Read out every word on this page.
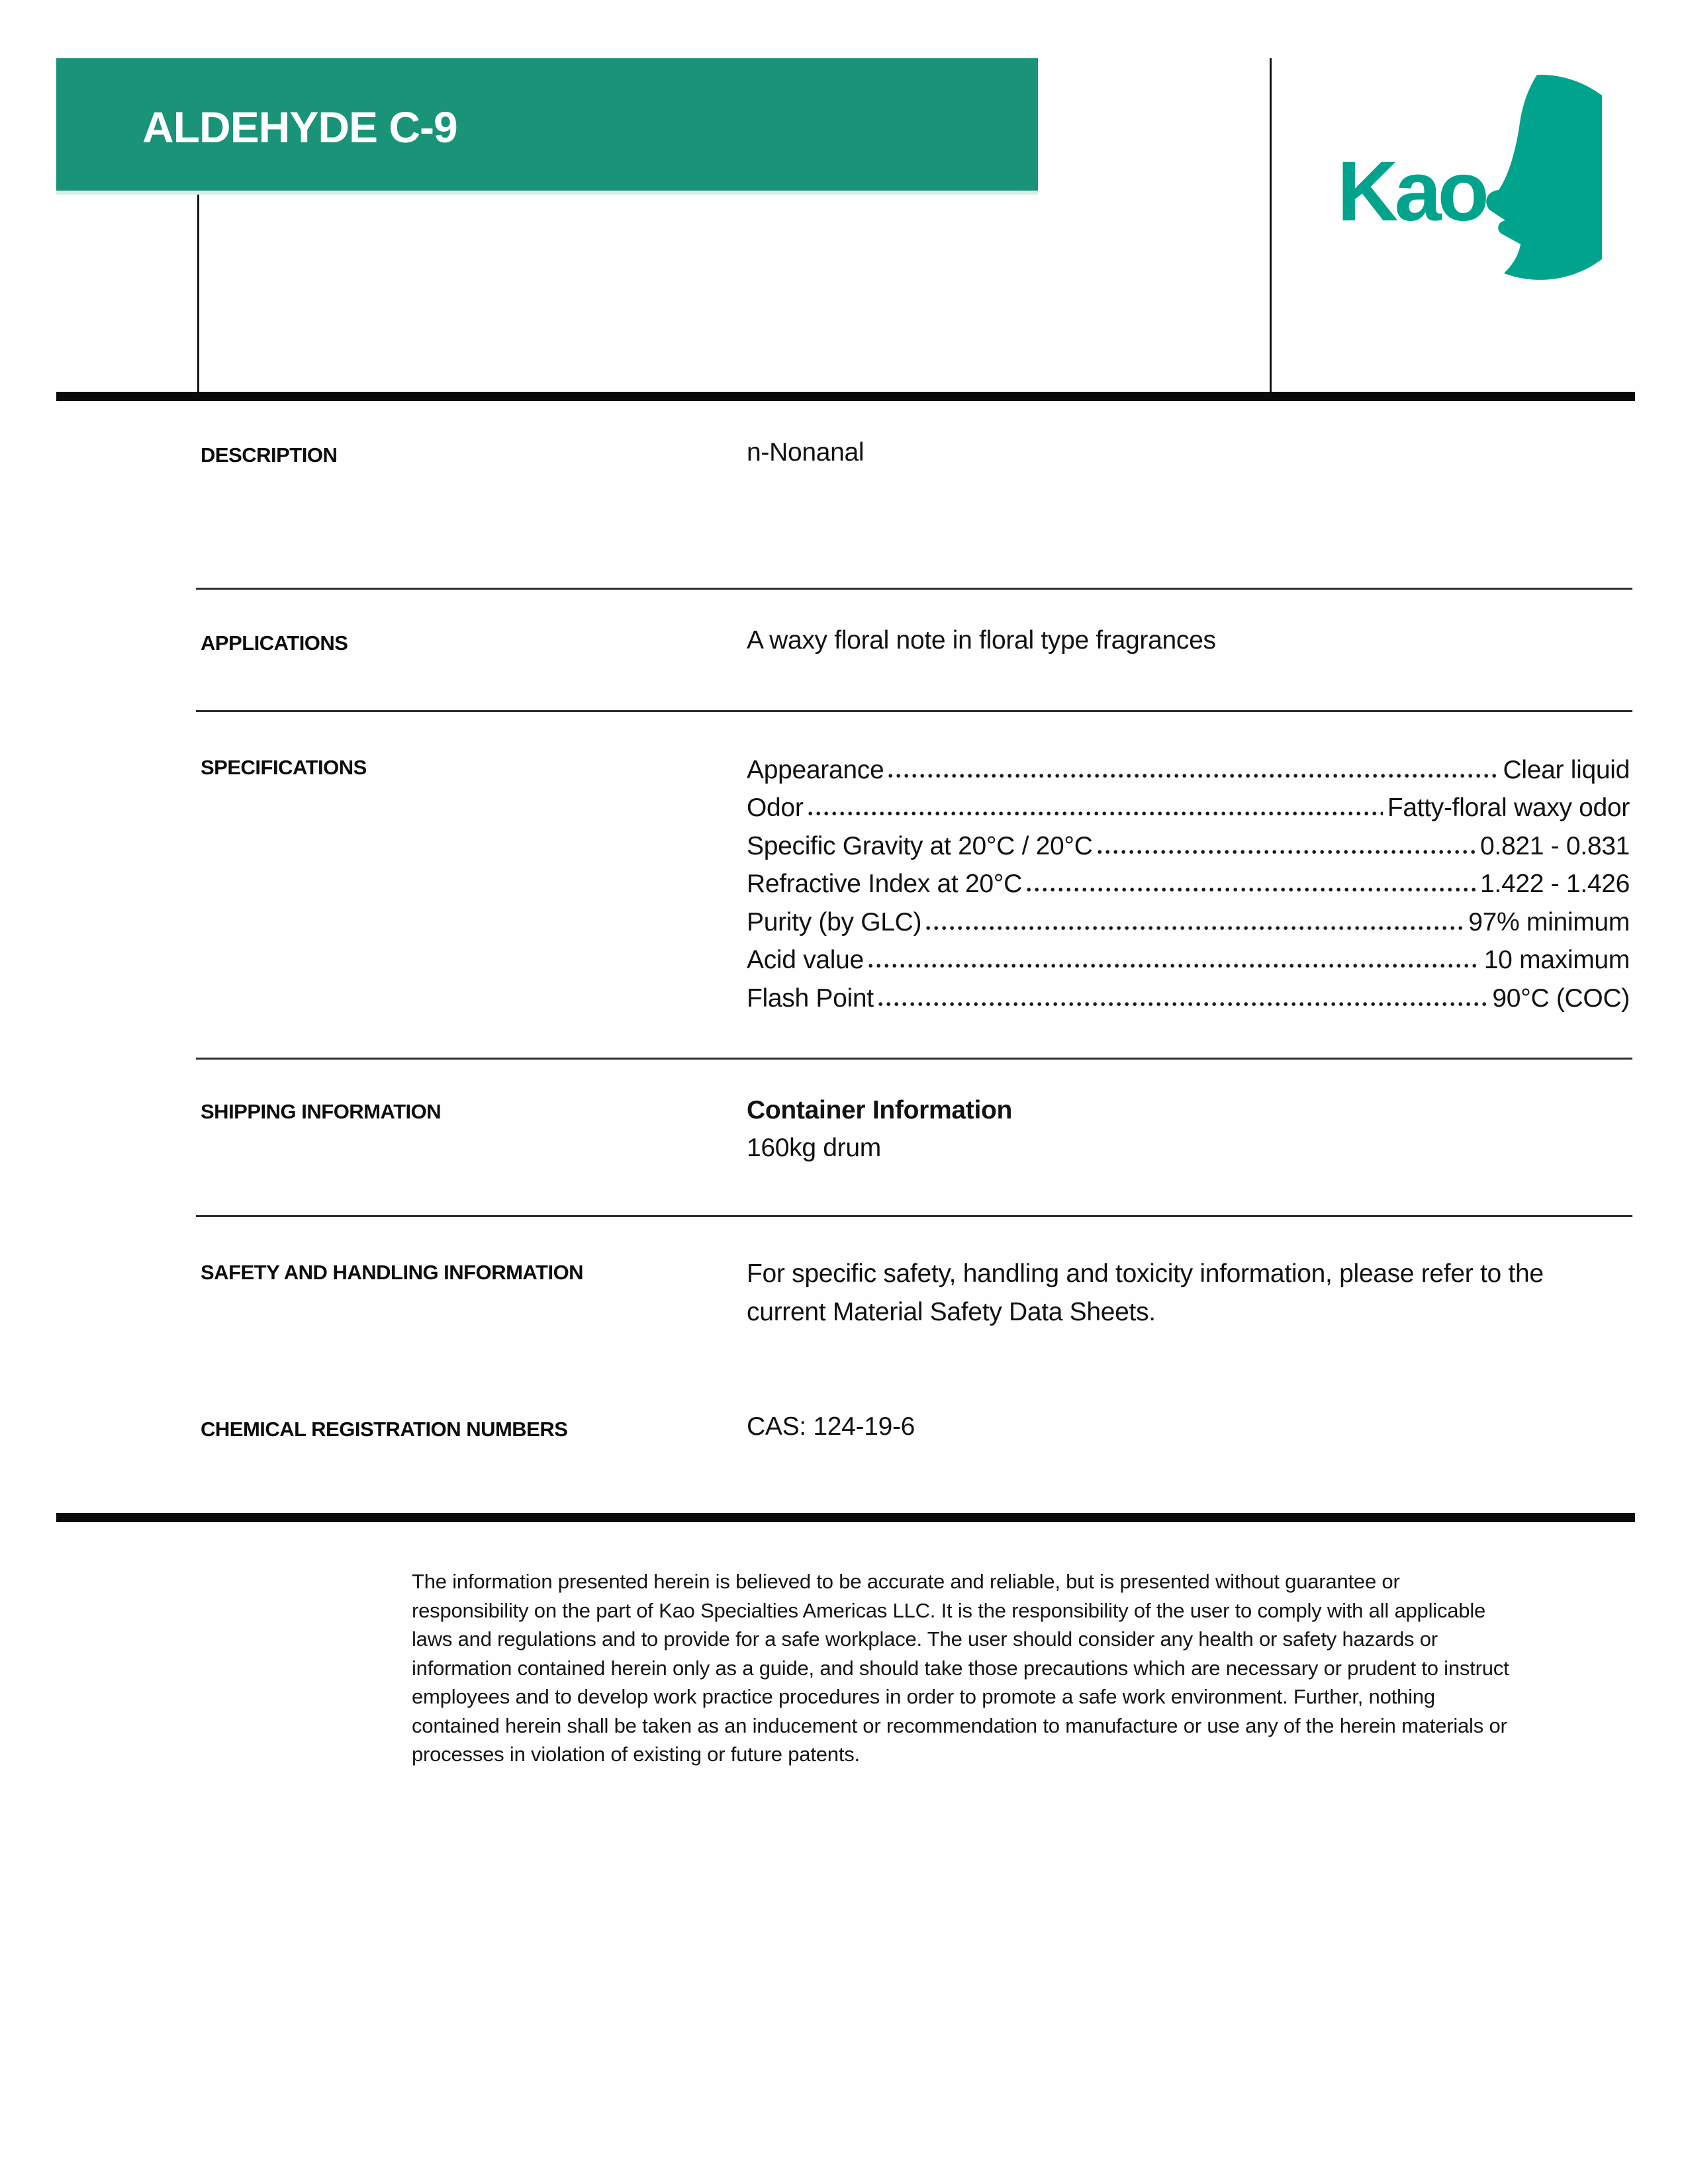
ALDEHYDE C-9
Kao
DESCRIPTION	n-Nonanal
APPLICATIONS	A waxy floral note in floral type fragrances
SPECIFICATIONS	Appearance	Clear liquid
Odor	Fatty-floral waxy odor
Specific Gravity at 20°C / 20°C	0.821 - 0.831
Refractive Index at 20°C	1.422 - 1.426
Purity (by GLC)	97% minimum
Acid value	10 maximum
Flash Point	90°C (COC)
SHIPPING INFORMATION	Container Information
160kg drum
SAFETY AND HANDLING INFORMATION	For specific safety, handling and toxicity information, please refer to the
current Material Safety Data Sheets.
CHEMICAL REGISTRATION NUMBERS	CAS: 124-19-6
The information presented herein is believed to be accurate and reliable, but is presented without guarantee or
responsibility on the part of Kao Specialties Americas LLC. It is the responsibility of the user to comply with all applicable
laws and regulations and to provide for a safe workplace. The user should consider any health or safety hazards or
information contained herein only as a guide, and should take those precautions which are necessary or prudent to instruct
employees and to develop work practice procedures in order to promote a safe work environment. Further, nothing
contained herein shall be taken as an inducement or recommendation to manufacture or use any of the herein materials or
processes in violation of existing or future patents.
